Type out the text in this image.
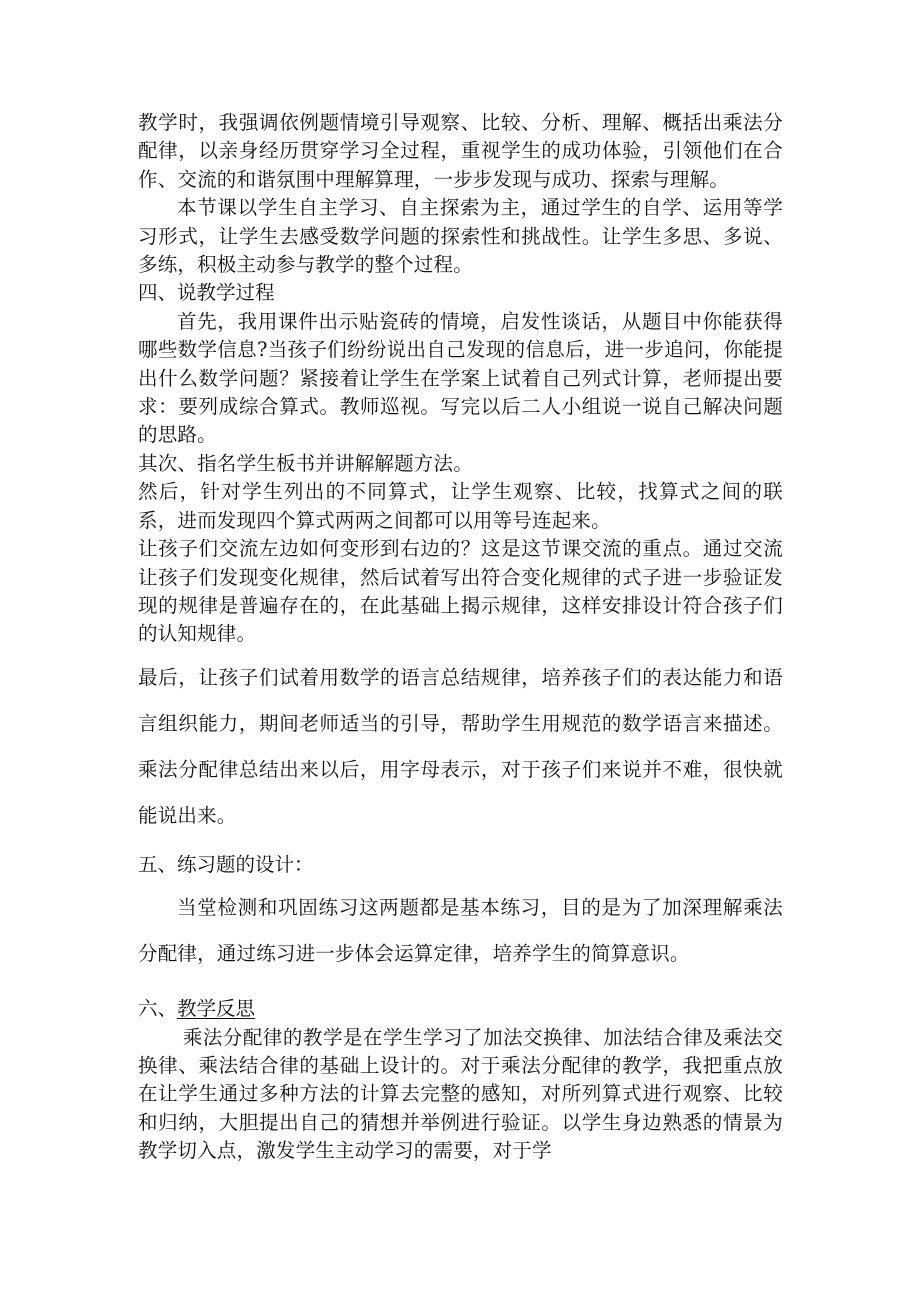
教学时，我强调依例题情境引导观察、比较、分析、理解、概括出乘法分配律，以亲身经历贯穿学习全过程，重视学生的成功体验，引领他们在合作、交流的和谐氛围中理解算理，一步步发现与成功、探索与理解。

本节课以学生自主学习、自主探索为主，通过学生的自学、运用等学习形式，让学生去感受数学问题的探索性和挑战性。让学生多思、多说、多练，积极主动参与教学的整个过程。

四、说教学过程

首先，我用课件出示贴瓷砖的情境，启发性谈话，从题目中你能获得哪些数学信息?当孩子们纷纷说出自己发现的信息后，进一步追问，你能提出什么数学问题？紧接着让学生在学案上试着自己列式计算，老师提出要求：要列成综合算式。教师巡视。写完以后二人小组说一说自己解决问题的思路。

其次、指名学生板书并讲解解题方法。

然后，针对学生列出的不同算式，让学生观察、比较，找算式之间的联系，进而发现四个算式两两之间都可以用等号连起来。

让孩子们交流左边如何变形到右边的？这是这节课交流的重点。通过交流让孩子们发现变化规律，然后试着写出符合变化规律的式子进一步验证发现的规律是普遍存在的，在此基础上揭示规律，这样安排设计符合孩子们的认知规律。

最后，让孩子们试着用数学的语言总结规律，培养孩子们的表达能力和语言组织能力，期间老师适当的引导，帮助学生用规范的数学语言来描述。乘法分配律总结出来以后，用字母表示，对于孩子们来说并不难，很快就能说出来。

五、练习题的设计：

当堂检测和巩固练习这两题都是基本练习，目的是为了加深理解乘法分配律，通过练习进一步体会运算定律，培养学生的简算意识。

六、教学反思

乘法分配律的教学是在学生学习了加法交换律、加法结合律及乘法交换律、乘法结合律的基础上设计的。对于乘法分配律的教学，我把重点放在让学生通过多种方法的计算去完整的感知，对所列算式进行观察、比较和归纳，大胆提出自己的猜想并举例进行验证。以学生身边熟悉的情景为教学切入点，激发学生主动学习的需要，对于学
